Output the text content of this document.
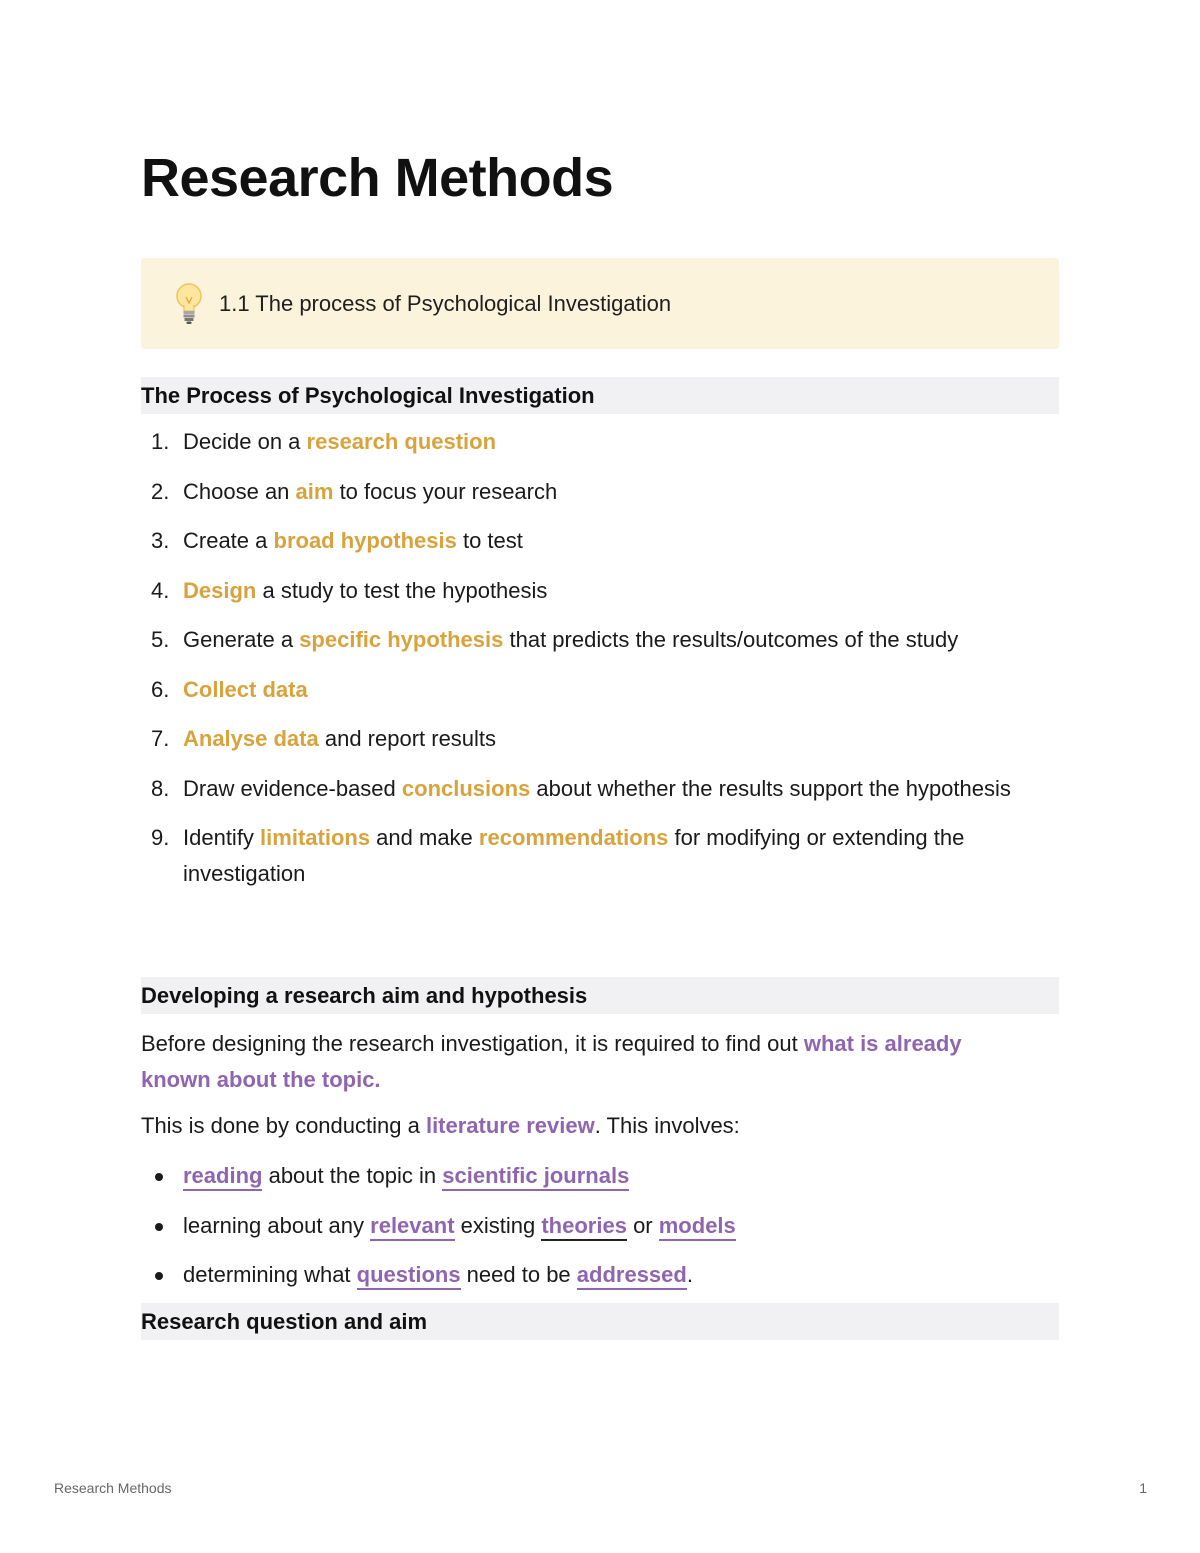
Research Methods
1.1 The process of Psychological Investigation
The Process of Psychological Investigation
1. Decide on a research question
2. Choose an aim to focus your research
3. Create a broad hypothesis to test
4. Design a study to test the hypothesis
5. Generate a specific hypothesis that predicts the results/outcomes of the study
6. Collect data
7. Analyse data and report results
8. Draw evidence-based conclusions about whether the results support the hypothesis
9. Identify limitations and make recommendations for modifying or extending the investigation
Developing a research aim and hypothesis

Before designing the research investigation, it is required to find out what is already known about the topic.

This is done by conducting a literature review. This involves:

reading about the topic in scientific journals
learning about any relevant existing theories or models
determining what questions need to be addressed.
Research question and aim
Research Methods	1
